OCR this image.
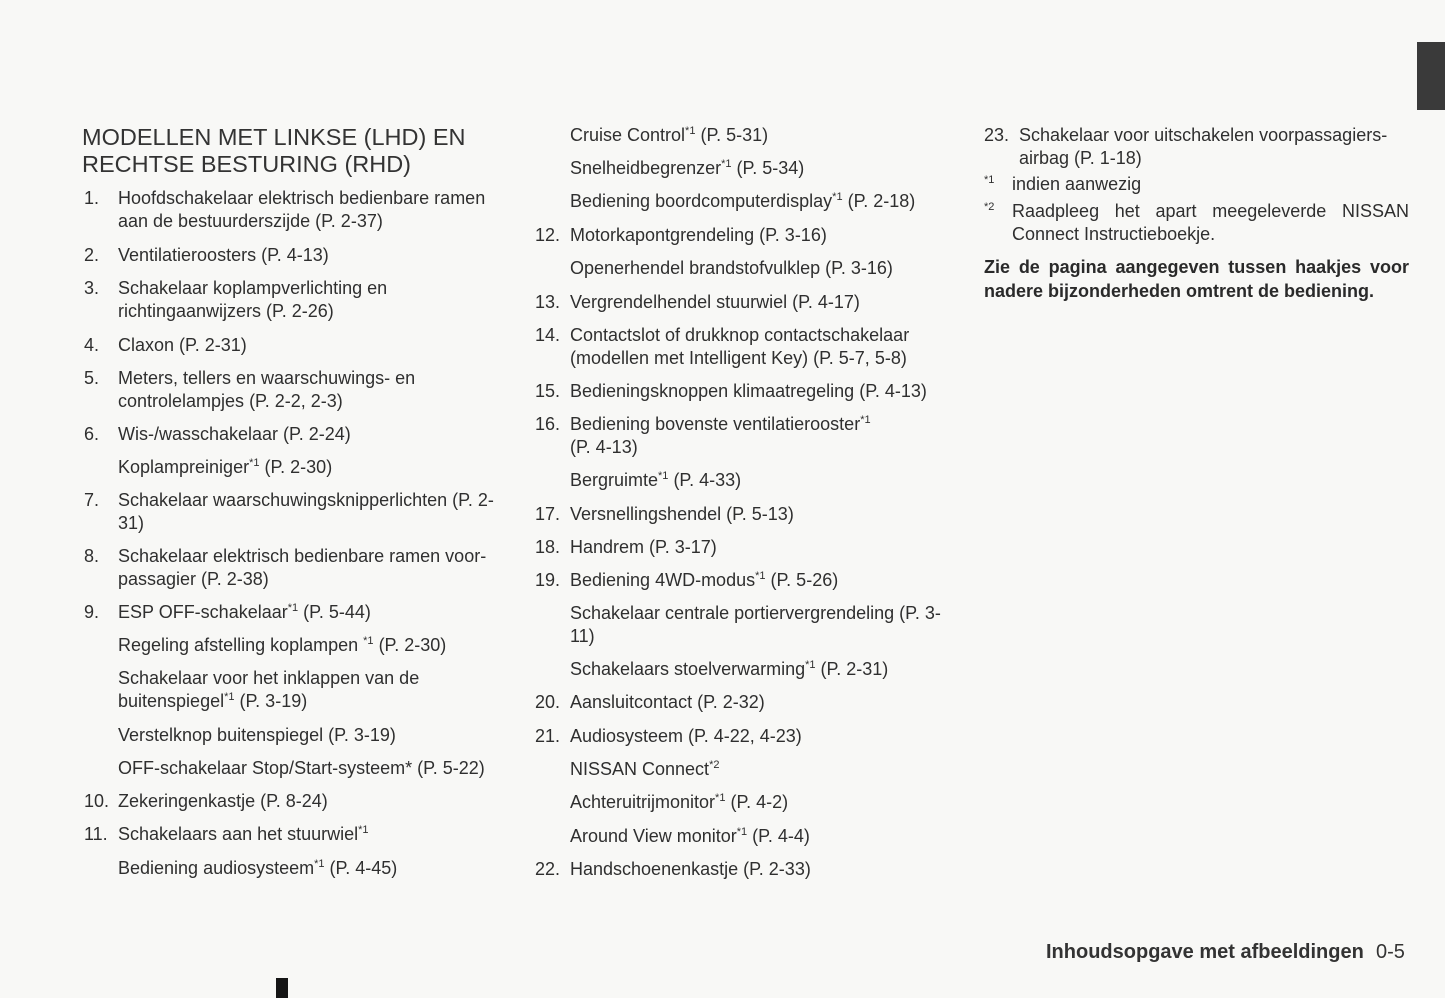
MODELLEN MET LINKSE (LHD) EN RECHTSE BESTURING (RHD)
1. Hoofdschakelaar elektrisch bedienbare ramen aan de bestuurderszijde (P. 2-37)
2. Ventilatieroosters (P. 4-13)
3. Schakelaar koplampverlichting en richtingaanwijzers (P. 2-26)
4. Claxon (P. 2-31)
5. Meters, tellers en waarschuwings- en controlelampjes (P. 2-2, 2-3)
6. Wis-/wasschakelaar (P. 2-24)
Koplampreiniger$^{*1}$ (P. 2-30)
7. Schakelaar waarschuwingsknipperlichten (P. 2-31)
8. Schakelaar elektrisch bedienbare ramen voor-passagier (P. 2-38)
9. ESP OFF-schakelaar$^{*1}$ (P. 5-44)
Regeling afstelling koplampen $^{*1}$ (P. 2-30)
Schakelaar voor het inklappen van de buitenspiegel$^{*1}$ (P. 3-19)
Verstelknop buitenspiegel (P. 3-19)
OFF-schakelaar Stop/Start-systeem* (P. 5-22)
10. Zekeringenkastje (P. 8-24)
11. Schakelaars aan het stuurwiel$^{*1}$
Bediening audiosysteem$^{*1}$ (P. 4-45)
Cruise Control$^{*1}$ (P. 5-31)
Snelheidbegrenzer$^{*1}$ (P. 5-34)
Bediening boordcomputerdisplay$^{*1}$ (P. 2-18)
12. Motorkapontgrendeling (P. 3-16)
Openerhendel brandstofvulklep (P. 3-16)
13. Vergrendelhendel stuurwiel (P. 4-17)
14. Contactslot of drukknop contactschakelaar (modellen met Intelligent Key) (P. 5-7, 5-8)
15. Bedieningsknoppen klimaatregeling (P. 4-13)
16. Bediening bovenste ventilatierooster$^{*1}$
(P. 4-13)
Bergruimte$^{*1}$ (P. 4-33)
17. Versnellingshendel (P. 5-13)
18. Handrem (P. 3-17)
19. Bediening 4WD-modus$^{*1}$ (P. 5-26)
Schakelaar centrale portiervergrendeling (P. 3-11)
Schakelaars stoelverwarming$^{*1}$ (P. 2-31)
20. Aansluitcontact (P. 2-32)
21. Audiosysteem (P. 4-22, 4-23)
NISSAN Connect$^{*2}$
Achteruitrijmonitor$^{*1}$ (P. 4-2)
Around View monitor$^{*1}$ (P. 4-4)
22. Handschoenenkastje (P. 2-33)
23. Schakelaar voor uitschakelen voorpassagiers-airbag (P. 1-18)
$^{*1}$ indien aanwezig
$^{*2}$ Raadpleeg het apart meegeleverde NISSAN Connect Instructieboekje.
Zie de pagina aangegeven tussen haakjes voor nadere bijzonderheden omtrent de bediening.
Inhoudsopgave met afbeeldingen 0-5
